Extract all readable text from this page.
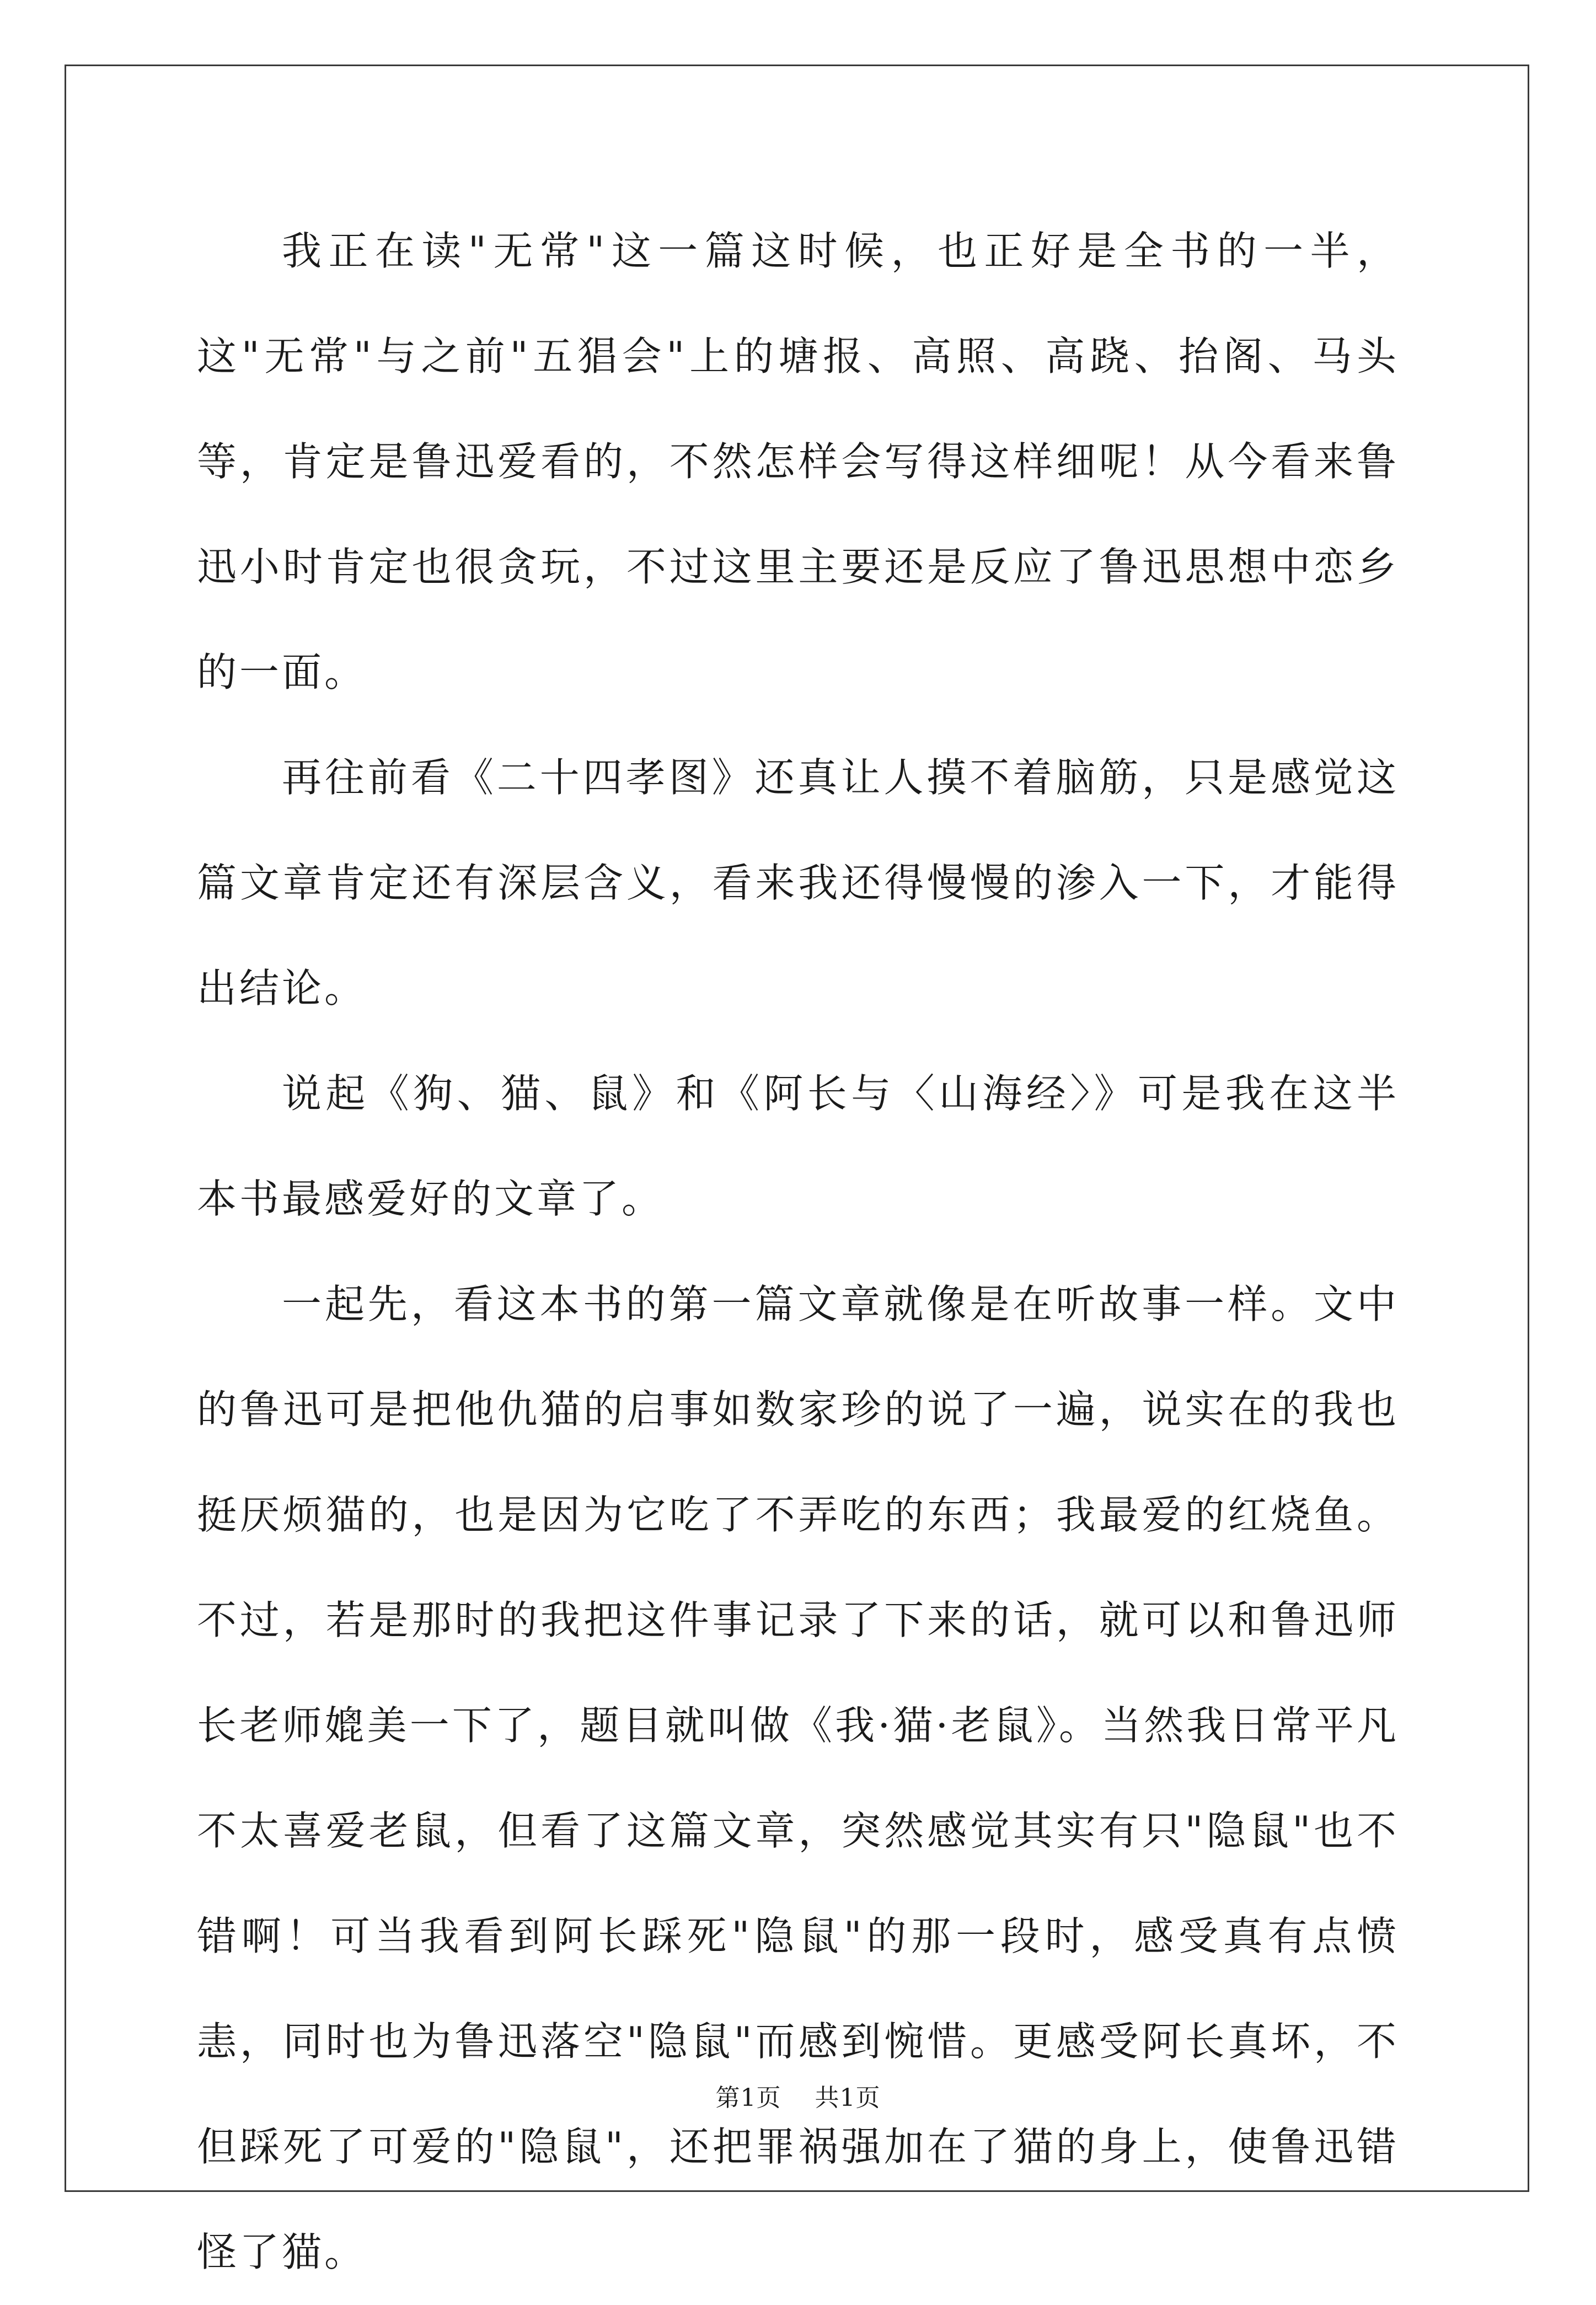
我正在读"无常"这一篇这时候，也正好是全书的一半，这"无常"与之前"五猖会"上的塘报、高照、高跷、抬阁、马头等，肯定是鲁迅爱看的，不然怎样会写得这样细呢！从今看来鲁迅小时肯定也很贪玩，不过这里主要还是反应了鲁迅思想中恋乡的一面。

再往前看《二十四孝图》还真让人摸不着脑筋，只是感觉这篇文章肯定还有深层含义，看来我还得慢慢的渗入一下，才能得出结论。

说起《狗、猫、鼠》和《阿长与〈山海经〉》可是我在这半本书最感爱好的文章了。

一起先，看这本书的第一篇文章就像是在听故事一样。文中的鲁迅可是把他仇猫的启事如数家珍的说了一遍，说实在的我也挺厌烦猫的，也是因为它吃了不弄吃的东西；我最爱的红烧鱼。不过，若是那时的我把这件事记录了下来的话，就可以和鲁迅师长老师媲美一下了，题目就叫做《我·猫·老鼠》。当然我日常平凡不太喜爱老鼠，但看了这篇文章，突然感觉其实有只"隐鼠"也不错啊！可当我看到阿长踩死"隐鼠"的那一段时，感受真有点愤恚，同时也为鲁迅落空"隐鼠"而感到惋惜。更感受阿长真坏，不但踩死了可爱的"隐鼠"，还把罪祸强加在了猫的身上，使鲁迅错怪了猫。

第1页 共1页
